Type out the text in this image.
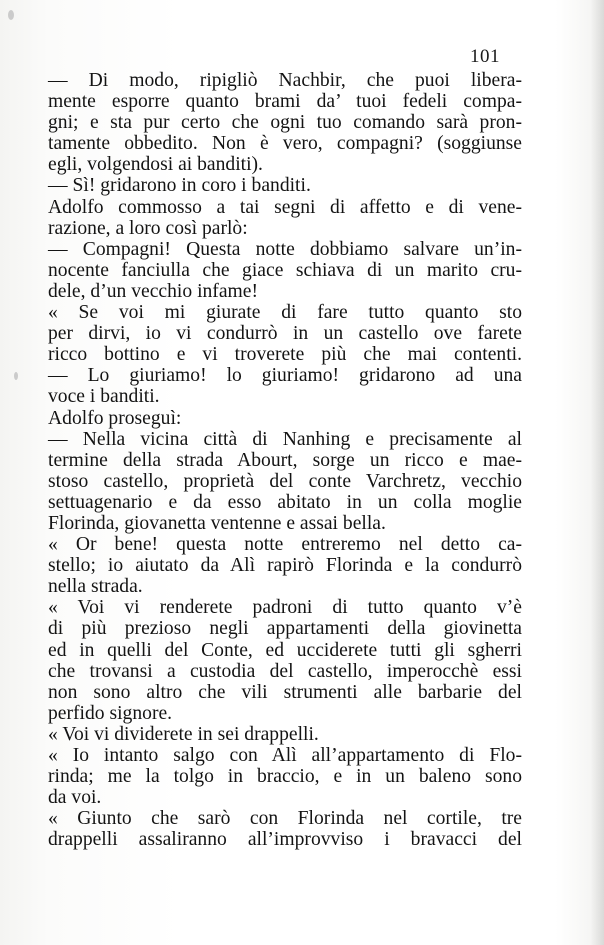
101
— Di modo, ripigliò Nachbir, che puoi libera-
mente esporre quanto brami da’ tuoi fedeli compa-
gni; e sta pur certo che ogni tuo comando sarà pron-
tamente obbedito. Non è vero, compagni? (soggiunse
egli, volgendosi ai banditi).
— Sì! gridarono in coro i banditi.
Adolfo commosso a tai segni di affetto e di vene-
razione, a loro così parlò:
— Compagni! Questa notte dobbiamo salvare un’in-
nocente fanciulla che giace schiava di un marito cru-
dele, d’un vecchio infame!
« Se voi mi giurate di fare tutto quanto sto
per dirvi, io vi condurrò in un castello ove farete
ricco bottino e vi troverete più che mai contenti.
— Lo giuriamo! lo giuriamo! gridarono ad una
voce i banditi.
Adolfo proseguì:
— Nella vicina città di Nanhing e precisamente al
termine della strada Abourt, sorge un ricco e mae-
stoso castello, proprietà del conte Varchretz, vecchio
settuagenario e da esso abitato in un colla moglie
Florinda, giovanetta ventenne e assai bella.
« Or bene! questa notte entreremo nel detto ca-
stello; io aiutato da Alì rapirò Florinda e la condurrò
nella strada.
« Voi vi renderete padroni di tutto quanto v’è
di più prezioso negli appartamenti della giovinetta
ed in quelli del Conte, ed ucciderete tutti gli sgherri
che trovansi a custodia del castello, imperocchè essi
non sono altro che vili strumenti alle barbarie del
perfido signore.
« Voi vi dividerete in sei drappelli.
« Io intanto salgo con Alì all’appartamento di Flo-
rinda; me la tolgo in braccio, e in un baleno sono
da voi.
« Giunto che sarò con Florinda nel cortile, tre
drappelli assaliranno all’improvviso i bravacci del
